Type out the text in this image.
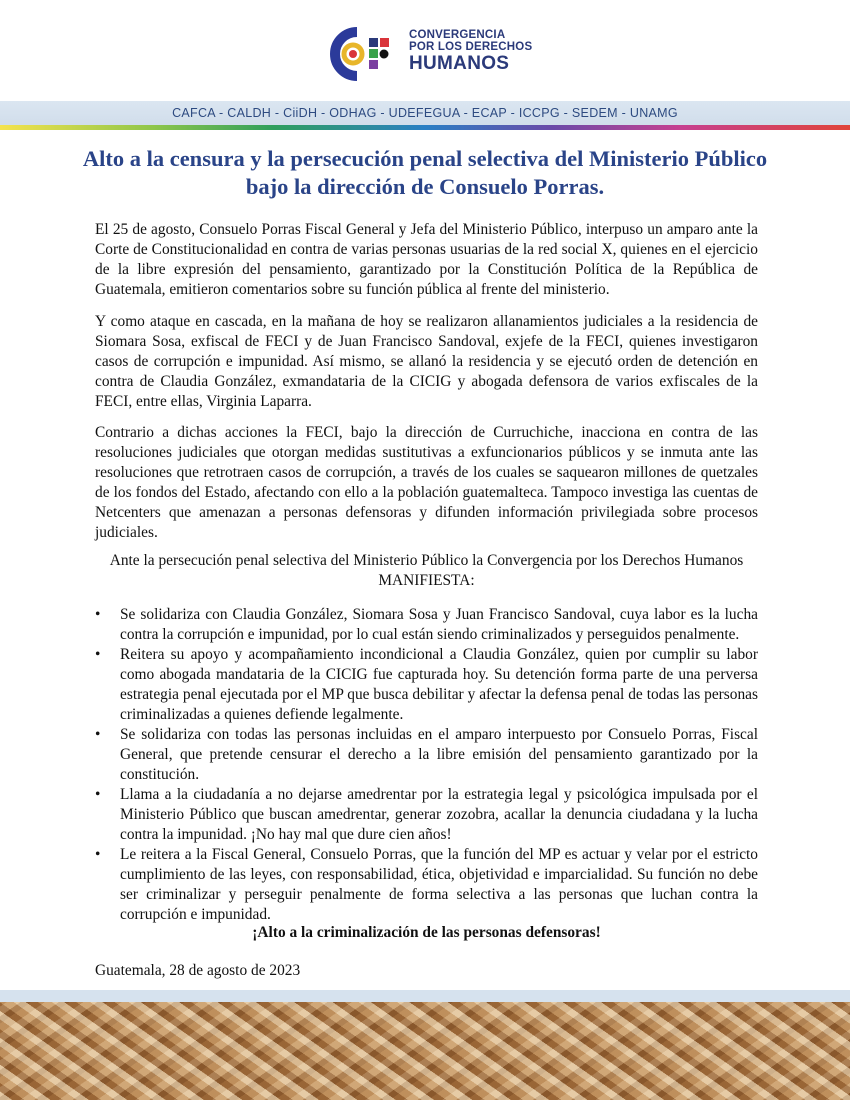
CONVERGENCIA
POR LOS DERECHOS
HUMANOS
CAFCA - CALDH - CiiDH - ODHAG - UDEFEGUA - ECAP - ICCPG - SEDEM - UNAMG
Alto a la censura y la persecución penal selectiva del Ministerio Público bajo la dirección de Consuelo Porras.

El 25 de agosto, Consuelo Porras Fiscal General y Jefa del Ministerio Público, interpuso un amparo ante la Corte de Constitucionalidad en contra de varias personas usuarias de la red social X, quienes en el ejercicio de la libre expresión del pensamiento, garantizado por la Constitución Política de la República de Guatemala, emitieron comentarios sobre su función pública al frente del ministerio.

Y como ataque en cascada, en la mañana de hoy se realizaron allanamientos judiciales a la residencia de Siomara Sosa, exfiscal de FECI y de Juan Francisco Sandoval, exjefe de la FECI, quienes investigaron casos de corrupción e impunidad. Así mismo, se allanó la residencia y se ejecutó orden de detención en contra de Claudia González, exmandataria de la CICIG y abogada defensora de varios exfiscales de la FECI, entre ellas, Virginia Laparra.

Contrario a dichas acciones la FECI, bajo la dirección de Curruchiche, inacciona en contra de las resoluciones judiciales que otorgan medidas sustitutivas a exfuncionarios públicos y se inmuta ante las resoluciones que retrotraen casos de corrupción, a través de los cuales se saquearon millones de quetzales de los fondos del Estado, afectando con ello a la población guatemalteca. Tampoco investiga las cuentas de Netcenters que amenazan a personas defensoras y difunden información privilegiada sobre procesos judiciales.

Ante la persecución penal selectiva del Ministerio Público la Convergencia por los Derechos Humanos
MANIFIESTA:
• Se solidariza con Claudia González, Siomara Sosa y Juan Francisco Sandoval, cuya labor es la lucha contra la corrupción e impunidad, por lo cual están siendo criminalizados y perseguidos penalmente.
• Reitera su apoyo y acompañamiento incondicional a Claudia González, quien por cumplir su labor como abogada mandataria de la CICIG fue capturada hoy. Su detención forma parte de una perversa estrategia penal ejecutada por el MP que busca debilitar y afectar la defensa penal de todas las personas criminalizadas a quienes defiende legalmente.
• Se solidariza con todas las personas incluidas en el amparo interpuesto por Consuelo Porras, Fiscal General, que pretende censurar el derecho a la libre emisión del pensamiento garantizado por la constitución.
• Llama a la ciudadanía a no dejarse amedrentar por la estrategia legal y psicológica impulsada por el Ministerio Público que buscan amedrentar, generar zozobra, acallar la denuncia ciudadana y la lucha contra la impunidad. ¡No hay mal que dure cien años!
• Le reitera a la Fiscal General, Consuelo Porras, que la función del MP es actuar y velar por el estricto cumplimiento de las leyes, con responsabilidad, ética, objetividad e imparcialidad. Su función no debe ser criminalizar y perseguir penalmente de forma selectiva a las personas que luchan contra la corrupción e impunidad.
¡Alto a la criminalización de las personas defensoras!
Guatemala, 28 de agosto de 2023
